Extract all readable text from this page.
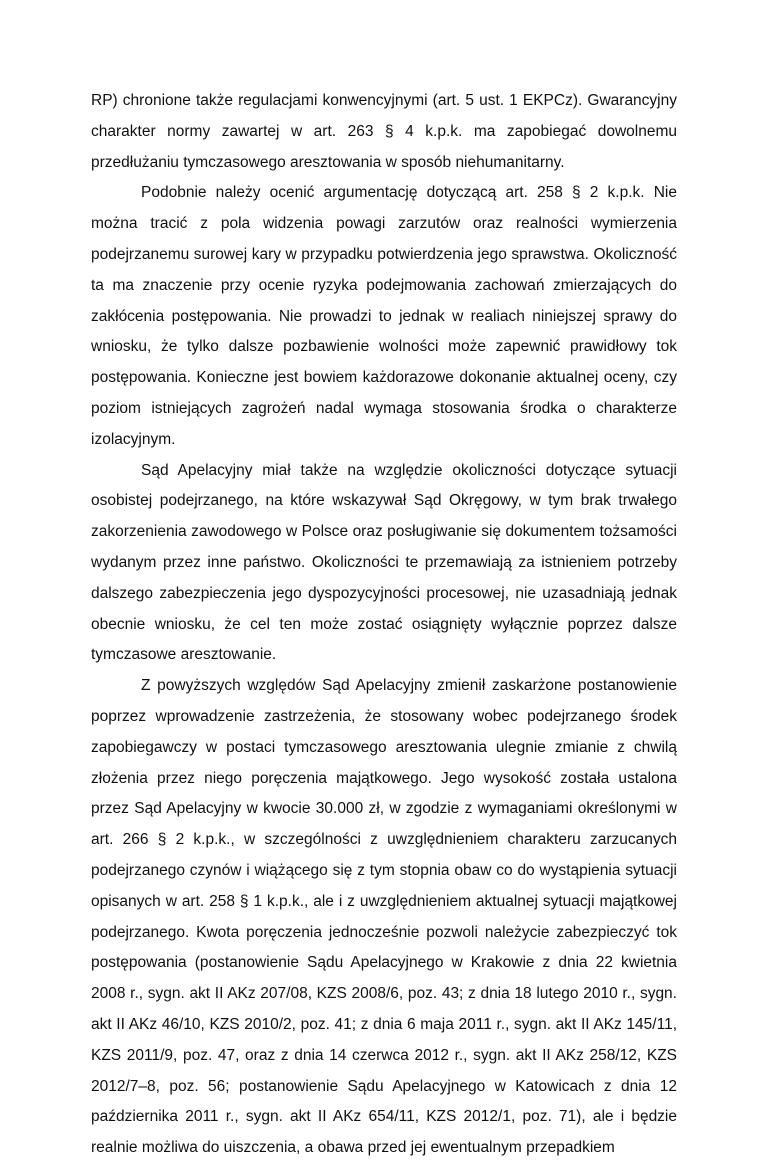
RP) chronione także regulacjami konwencyjnymi (art. 5 ust. 1 EKPCz). Gwarancyjny charakter normy zawartej w art. 263 § 4 k.p.k. ma zapobiegać dowolnemu przedłużaniu tymczasowego aresztowania w sposób niehumanitarny.

Podobnie należy ocenić argumentację dotyczącą art. 258 § 2 k.p.k. Nie można tracić z pola widzenia powagi zarzutów oraz realności wymierzenia podejrzanemu surowej kary w przypadku potwierdzenia jego sprawstwa. Okoliczność ta ma znaczenie przy ocenie ryzyka podejmowania zachowań zmierzających do zakłócenia postępowania. Nie prowadzi to jednak w realiach niniejszej sprawy do wniosku, że tylko dalsze pozbawienie wolności może zapewnić prawidłowy tok postępowania. Konieczne jest bowiem każdorazowe dokonanie aktualnej oceny, czy poziom istniejących zagrożeń nadal wymaga stosowania środka o charakterze izolacyjnym.

Sąd Apelacyjny miał także na względzie okoliczności dotyczące sytuacji osobistej podejrzanego, na które wskazywał Sąd Okręgowy, w tym brak trwałego zakorzenienia zawodowego w Polsce oraz posługiwanie się dokumentem tożsamości wydanym przez inne państwo. Okoliczności te przemawiają za istnieniem potrzeby dalszego zabezpieczenia jego dyspozycyjności procesowej, nie uzasadniają jednak obecnie wniosku, że cel ten może zostać osiągnięty wyłącznie poprzez dalsze tymczasowe aresztowanie.

Z powyższych względów Sąd Apelacyjny zmienił zaskarżone postanowienie poprzez wprowadzenie zastrzeżenia, że stosowany wobec podejrzanego środek zapobiegawczy w postaci tymczasowego aresztowania ulegnie zmianie z chwilą złożenia przez niego poręczenia majątkowego. Jego wysokość została ustalona przez Sąd Apelacyjny w kwocie 30.000 zł, w zgodzie z wymaganiami określonymi w art. 266 § 2 k.p.k., w szczególności z uwzględnieniem charakteru zarzucanych podejrzanego czynów i wiążącego się z tym stopnia obaw co do wystąpienia sytuacji opisanych w art. 258 § 1 k.p.k., ale i z uwzględnieniem aktualnej sytuacji majątkowej podejrzanego. Kwota poręczenia jednocześnie pozwoli należycie zabezpieczyć tok postępowania (postanowienie Sądu Apelacyjnego w Krakowie z dnia 22 kwietnia 2008 r., sygn. akt II AKz 207/08, KZS 2008/6, poz. 43; z dnia 18 lutego 2010 r., sygn. akt II AKz 46/10, KZS 2010/2, poz. 41; z dnia 6 maja 2011 r., sygn. akt II AKz 145/11, KZS 2011/9, poz. 47, oraz z dnia 14 czerwca 2012 r., sygn. akt II AKz 258/12, KZS 2012/7–8, poz. 56; postanowienie Sądu Apelacyjnego w Katowicach z dnia 12 października 2011 r., sygn. akt II AKz 654/11, KZS 2012/1, poz. 71), ale i będzie realnie możliwa do uiszczenia, a obawa przed jej ewentualnym przepadkiem
